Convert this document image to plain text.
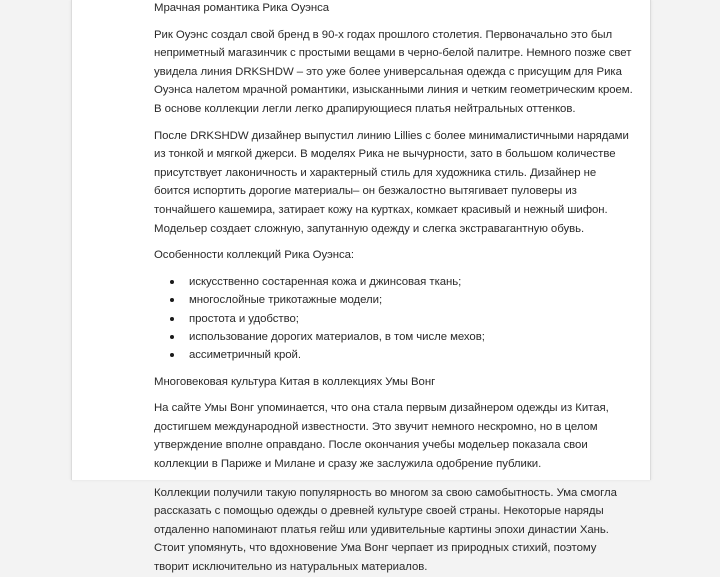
Мрачная романтика Рика Оуэнса

Рик Оуэнс создал свой бренд в 90-х годах прошлого столетия. Первоначально это был неприметный магазинчик с простыми вещами в черно-белой палитре. Немного позже свет увидела линия DRKSHDW – это уже более универсальная одежда с присущим для Рика Оуэнса налетом мрачной романтики, изысканными линия и четким геометрическим кроем. В основе коллекции легли легко драпирующиеся платья нейтральных оттенков.

После DRKSHDW дизайнер выпустил линию Lillies с более минималистичными нарядами из тонкой и мягкой джерси. В моделях Рика не вычурности, зато в большом количестве присутствует лаконичность и характерный стиль для художника стиль. Дизайнер не боится испортить дорогие материалы– он безжалостно вытягивает пуловеры из тончайшего кашемира, затирает кожу на куртках, комкает красивый и нежный шифон. Модельер создает сложную, запутанную одежду и слегка экстравагантную обувь.

Особенности коллекций Рика Оуэнса:

искусственно состаренная кожа и джинсовая ткань;
многослойные трикотажные модели;
простота и удобство;
использование дорогих материалов, в том числе мехов;
ассиметричный крой.

Многовековая культура Китая в коллекциях Умы Вонг

На сайте Умы Вонг упоминается, что она стала первым дизайнером одежды из Китая, достигшем международной известности. Это звучит немного нескромно, но в целом утверждение вполне оправдано. После окончания учебы модельер показала свои коллекции в Париже и Милане и сразу же заслужила одобрение публики.

Коллекции получили такую популярность во многом за свою самобытность. Ума смогла рассказать с помощью одежды о древней культуре своей страны. Некоторые наряды отдаленно напоминают платья гейш или удивительные картины эпохи династии Хань. Стоит упомянуть, что вдохновение Ума Вонг черпает из природных стихий, поэтому творит исключительно из натуральных материалов.
